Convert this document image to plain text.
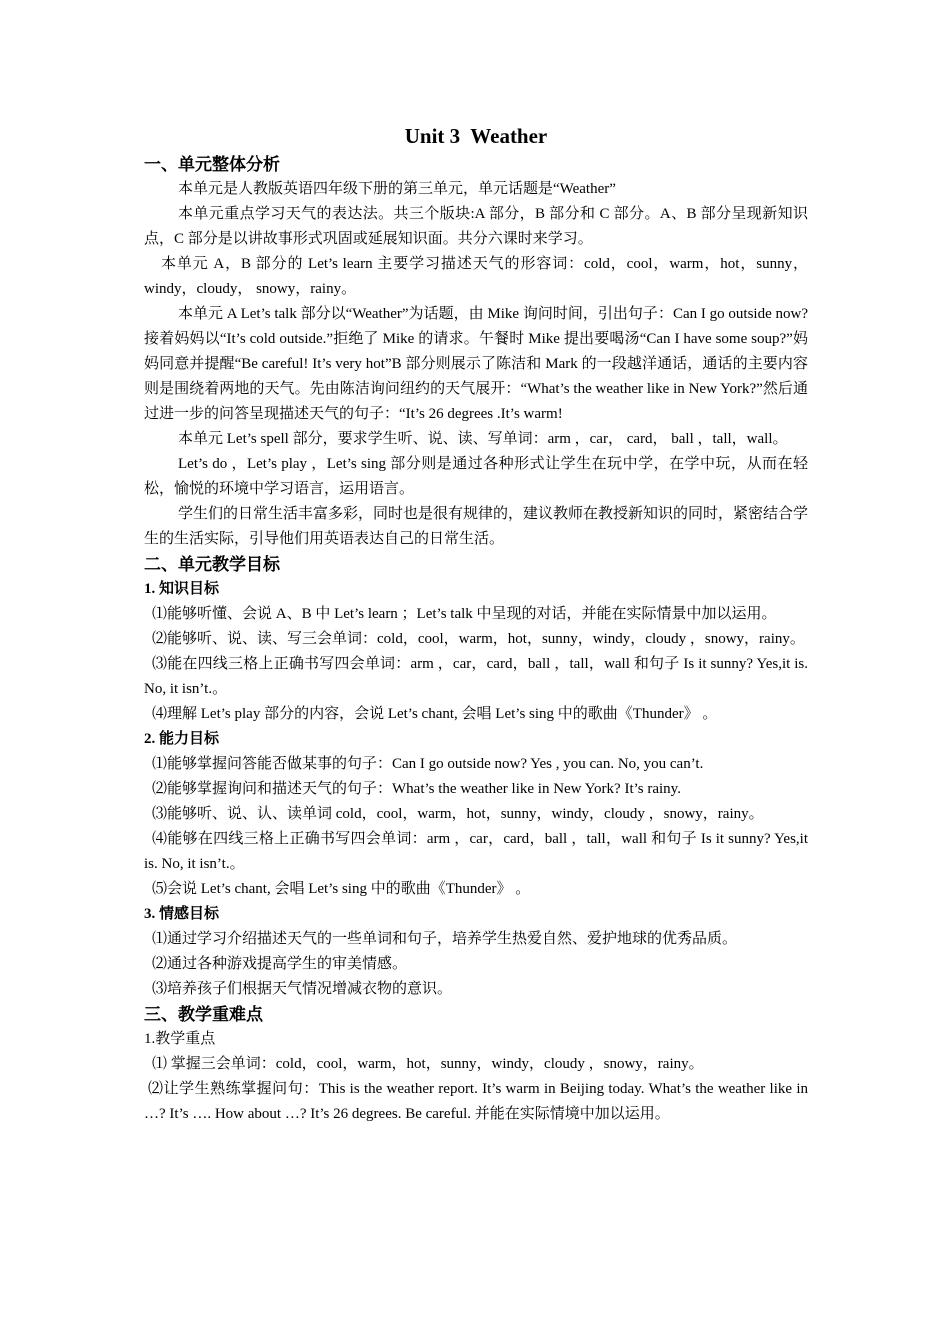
Unit 3  Weather
一、单元整体分析

本单元是人教版英语四年级下册的第三单元，单元话题是“Weather”

本单元重点学习天气的表达法。共三个版块:A 部分，B 部分和 C 部分。A、B 部分呈现新知识点，C 部分是以讲故事形式巩固或延展知识面。共分六课时来学习。

本单元 A，B 部分的 Let’s learn 主要学习描述天气的形容词：cold，cool，warm，hot，sunny，windy，cloudy， snowy，rainy。

本单元 A Let’s talk 部分以“Weather”为话题，由 Mike 询问时间，引出句子：Can I go outside now? 接着妈妈以“It’s cold outside.”拒绝了 Mike 的请求。午餐时 Mike 提出要喝汤“Can I have some soup?”妈妈同意并提醒“Be careful! It’s very hot”B 部分则展示了陈洁和 Mark 的一段越洋通话，通话的主要内容则是围绕着两地的天气。先由陈洁询问纽约的天气展开：“What’s the weather like in New York?”然后通过进一步的问答呈现描述天气的句子：“It’s 26 degrees .It’s warm!

本单元 Let’s spell 部分，要求学生听、说、读、写单词：arm ，car， card， ball ，tall，wall。

Let’s do ，Let’s play ，Let’s sing 部分则是通过各种形式让学生在玩中学，在学中玩，从而在轻松，愉悦的环境中学习语言，运用语言。

学生们的日常生活丰富多彩，同时也是很有规律的，建议教师在教授新知识的同时，紧密结合学生的生活实际，引导他们用英语表达自己的日常生活。

二、单元教学目标
1. 知识目标

⑴能够听懂、会说 A、B 中 Let’s learn ；Let’s talk 中呈现的对话，并能在实际情景中加以运用。

⑵能够听、说、读、写三会单词：cold，cool，warm，hot，sunny，windy，cloudy ，snowy，rainy。

⑶能在四线三格上正确书写四会单词：arm ，car，card，ball ，tall，wall 和句子 Is it sunny? Yes,it is. No, it isn’t.。

⑷理解 Let’s play 部分的内容，会说 Let’s chant, 会唱 Let’s sing 中的歌曲《Thunder》 。

2. 能力目标

⑴能够掌握问答能否做某事的句子：Can I go outside now? Yes , you can. No, you can’t.

⑵能够掌握询问和描述天气的句子：What’s the weather like in New York? It’s rainy.

⑶能够听、说、认、读单词 cold，cool，warm，hot，sunny，windy，cloudy ，snowy，rainy。

⑷能够在四线三格上正确书写四会单词：arm ，car，card，ball ，tall，wall 和句子 Is it sunny? Yes,it is. No, it isn’t.。

⑸会说 Let’s chant, 会唱 Let’s sing 中的歌曲《Thunder》 。

3. 情感目标

⑴通过学习介绍描述天气的一些单词和句子，培养学生热爱自然、爱护地球的优秀品质。

⑵通过各种游戏提高学生的审美情感。

⑶培养孩子们根据天气情况增减衣物的意识。

三、教学重难点

1.教学重点

⑴ 掌握三会单词：cold，cool，warm，hot，sunny，windy，cloudy ，snowy，rainy。

⑵让学生熟练掌握问句：This is the weather report. It’s warm in Beijing today. What’s the weather like in …? It’s …. How about …? It’s 26 degrees. Be careful. 并能在实际情境中加以运用。
